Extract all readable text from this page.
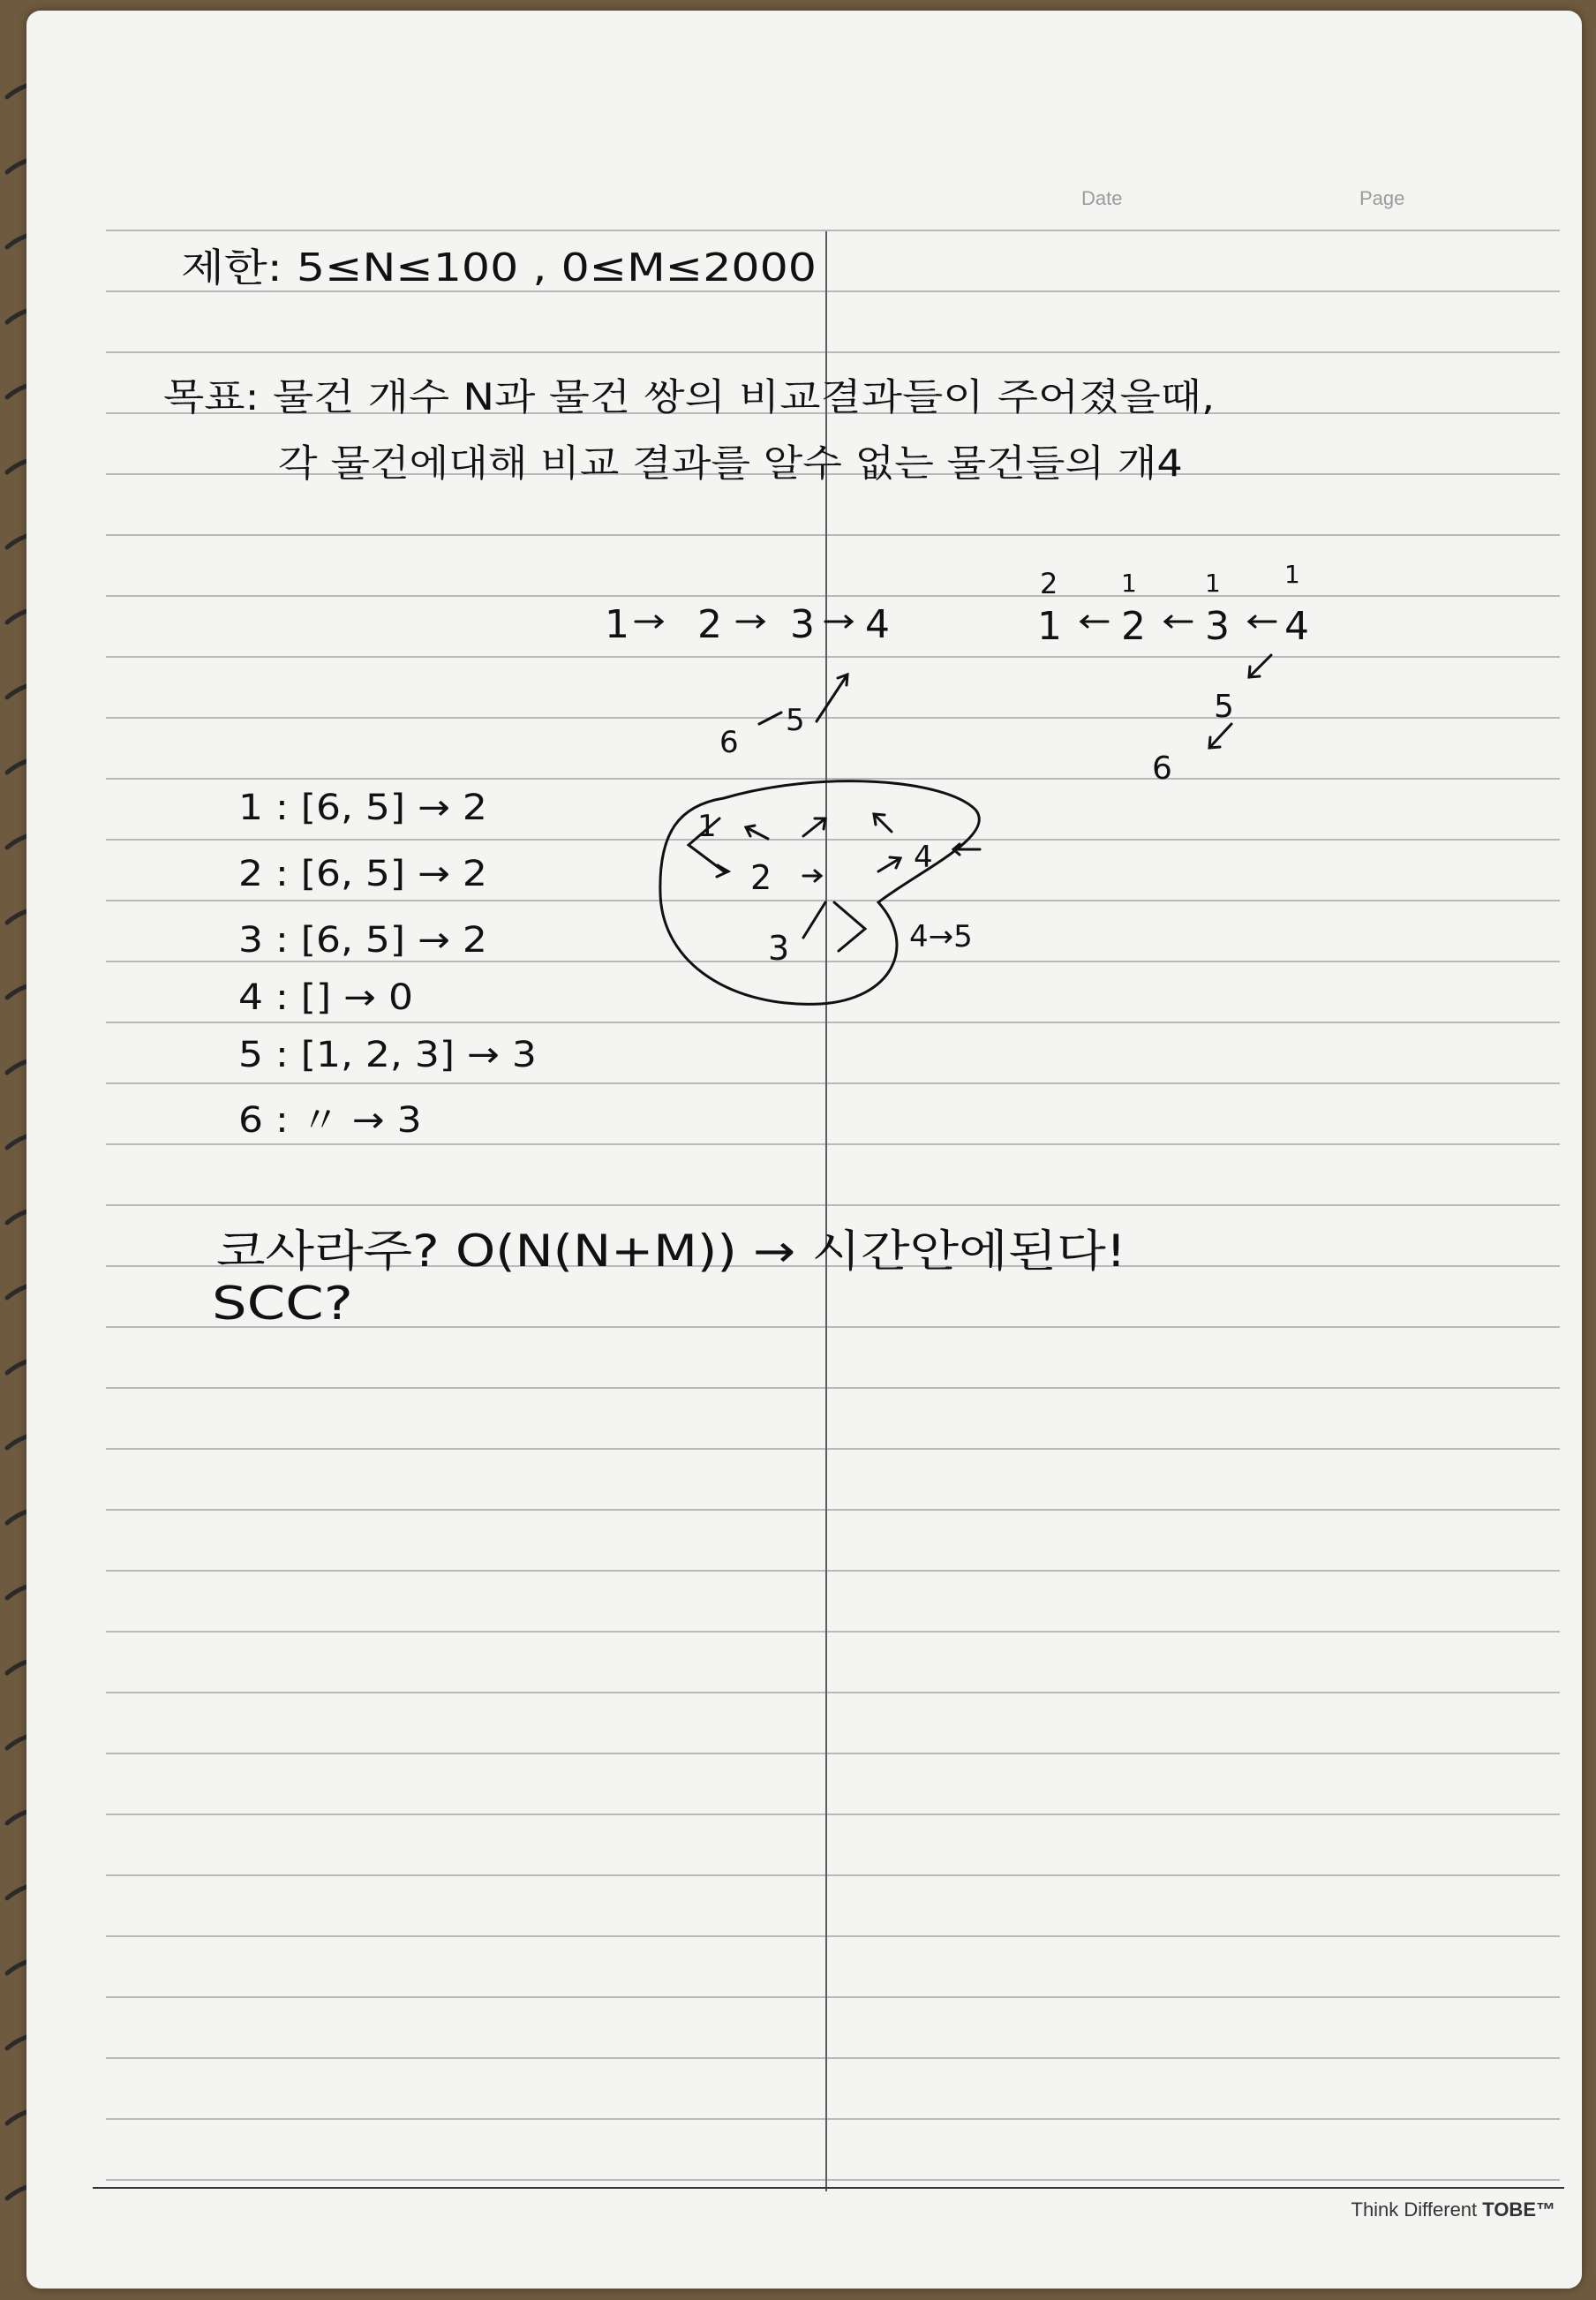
Date	Page
제한: 5≤N≤100 , 0≤M≤2000
목표: 물건 개수 N과 물건 쌍의 비교결과들이 주어졌을때,
각 물건에대해 비교 결과를 알수 없는 물건들의 개4
1 : [6, 5] → 2
2 : [6, 5] → 2
3 : [6, 5] → 2
4 : [] → 0
5 : [1, 2, 3] → 3
6 : 〃 → 3
코사라주? O(N(N+M)) → 시간안에된다!
SCC?
1 2 3 4
6
5
1 2 3 4
2	1	1	1
5
6
1
2
3
4
4→5
Think Different TOBE™
